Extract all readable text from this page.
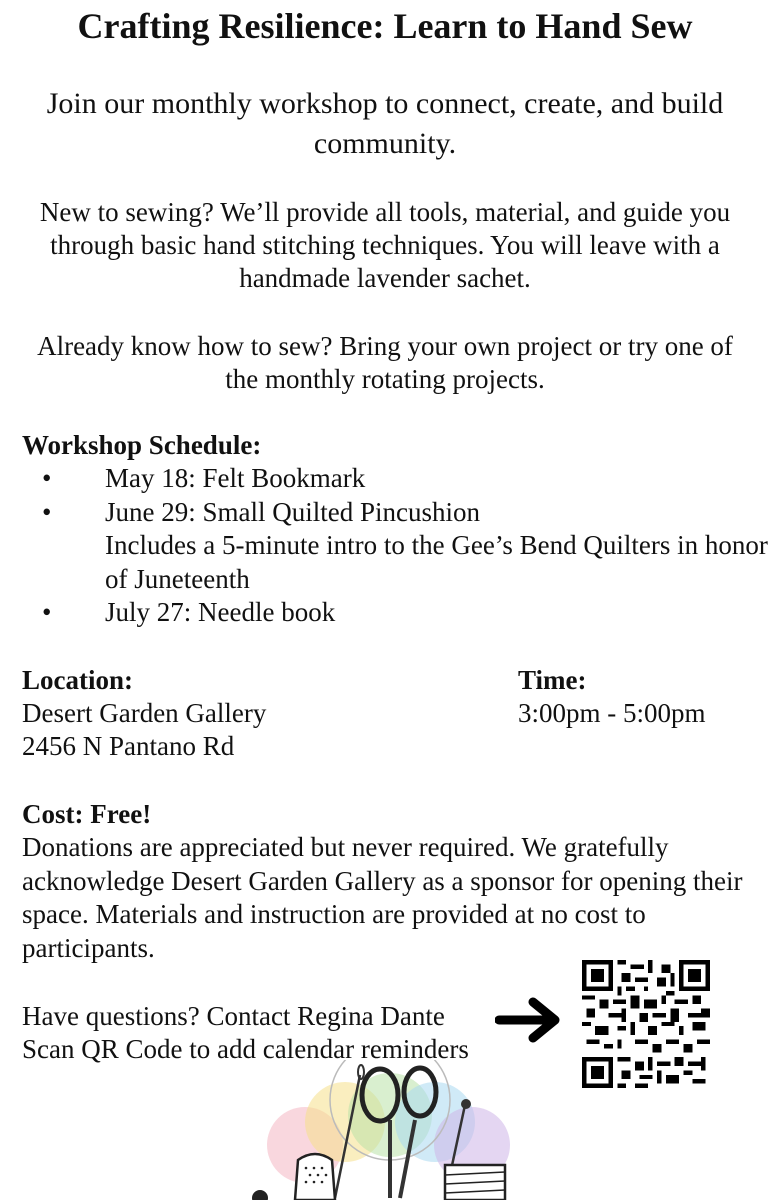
Crafting Resilience: Learn to Hand Sew
Join our monthly workshop to connect, create, and build community.
New to sewing? We’ll provide all tools, material, and guide you through basic hand stitching techniques. You will leave with a handmade lavender sachet.
Already know how to sew? Bring your own project or try one of the monthly rotating projects.
Workshop Schedule:
• May 18: Felt Bookmark
• June 29: Small Quilted Pincushion
Includes a 5-minute intro to the Gee’s Bend Quilters in honor of Juneteenth
• July 27: Needle book
Location:
Desert Garden Gallery
2456 N Pantano Rd
Time:
3:00pm - 5:00pm
Cost: Free!
Donations are appreciated but never required. We gratefully acknowledge Desert Garden Gallery as a sponsor for opening their space. Materials and instruction are provided at no cost to participants.
Have questions? Contact Regina Dante
Scan QR Code to add calendar reminders
